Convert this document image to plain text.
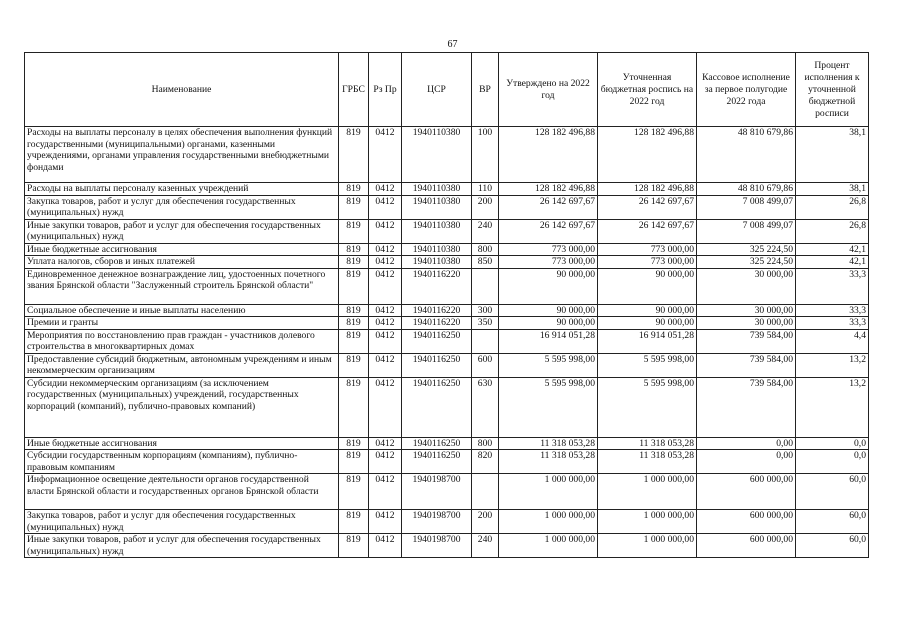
67
Наименование	ГРБС	Рз Пр	ЦСР	ВР	Утверждено на 2022 год	Уточненная бюджетная роспись на 2022 год	Кассовое исполнение за первое полугодие 2022 года	Процент исполнения к уточненной бюджетной росписи
Расходы на выплаты персоналу в целях обеспечения выполнения функций государственными (муниципальными) органами, казенными учреждениями, органами управления государственными внебюджетными фондами	819	0412	1940110380	100	128 182 496,88	128 182 496,88	48 810 679,86	38,1
Расходы на выплаты персоналу казенных учреждений	819	0412	1940110380	110	128 182 496,88	128 182 496,88	48 810 679,86	38,1
Закупка товаров, работ и услуг для обеспечения государственных (муниципальных) нужд	819	0412	1940110380	200	26 142 697,67	26 142 697,67	7 008 499,07	26,8
Иные закупки товаров, работ и услуг для обеспечения государственных (муниципальных) нужд	819	0412	1940110380	240	26 142 697,67	26 142 697,67	7 008 499,07	26,8
Иные бюджетные ассигнования	819	0412	1940110380	800	773 000,00	773 000,00	325 224,50	42,1
Уплата налогов, сборов и иных платежей	819	0412	1940110380	850	773 000,00	773 000,00	325 224,50	42,1
Единовременное денежное вознаграждение лиц, удостоенных почетного звания Брянской области "Заслуженный строитель Брянской области"	819	0412	1940116220		90 000,00	90 000,00	30 000,00	33,3
Социальное обеспечение и иные выплаты населению	819	0412	1940116220	300	90 000,00	90 000,00	30 000,00	33,3
Премии и гранты	819	0412	1940116220	350	90 000,00	90 000,00	30 000,00	33,3
Мероприятия по восстановлению прав граждан - участников долевого строительства в многоквартирных домах	819	0412	1940116250		16 914 051,28	16 914 051,28	739 584,00	4,4
Предоставление субсидий бюджетным, автономным учреждениям и иным некоммерческим организациям	819	0412	1940116250	600	5 595 998,00	5 595 998,00	739 584,00	13,2
Субсидии некоммерческим организациям (за исключением государственных (муниципальных) учреждений, государственных корпораций (компаний), публично-правовых компаний)	819	0412	1940116250	630	5 595 998,00	5 595 998,00	739 584,00	13,2
Иные бюджетные ассигнования	819	0412	1940116250	800	11 318 053,28	11 318 053,28	0,00	0,0
Субсидии государственным корпорациям (компаниям), публично-правовым компаниям	819	0412	1940116250	820	11 318 053,28	11 318 053,28	0,00	0,0
Информационное освещение деятельности органов государственной власти Брянской области и государственных органов Брянской области	819	0412	1940198700		1 000 000,00	1 000 000,00	600 000,00	60,0
Закупка товаров, работ и услуг для обеспечения государственных (муниципальных) нужд	819	0412	1940198700	200	1 000 000,00	1 000 000,00	600 000,00	60,0
Иные закупки товаров, работ и услуг для обеспечения государственных (муниципальных) нужд	819	0412	1940198700	240	1 000 000,00	1 000 000,00	600 000,00	60,0
